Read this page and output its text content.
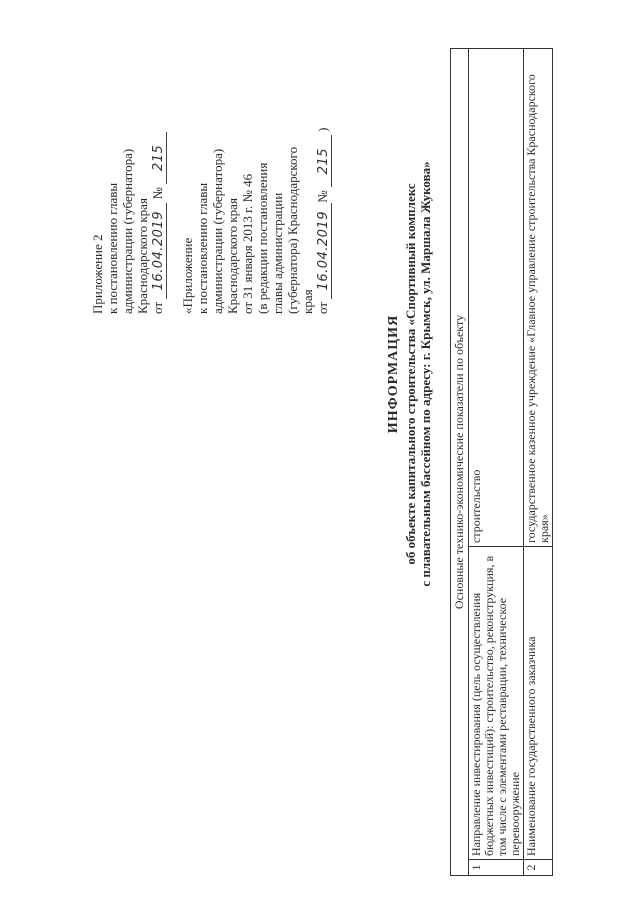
Приложение 2 к постановлению главы администрации (губернатора) Краснодарского края от 16.04.2019 № 215
«Приложение к постановлению главы администрации (губернатора) Краснодарского края от 31 января 2013 г. № 46 (в редакции постановления главы администрации (губернатора) Краснодарского края от 16.04.2019№ 215 )
ИНФОРМАЦИЯ об объекте капитального строительства «Спортивный комплекс с плавательным бассейном по адресу: г. Крымск, ул. Маршала Жукова» Основные технико-экономические показатели по объекту		
1	Направление инвестирования (цель осуществления бюджетных инвестиций): строительство, реконструкция, в том числе с элементами реставрации, техническое перевооружение	строительство
2	Наименование государственного заказчика	государственное казенное учреждение «Главное управление строительства Краснодарского края»
